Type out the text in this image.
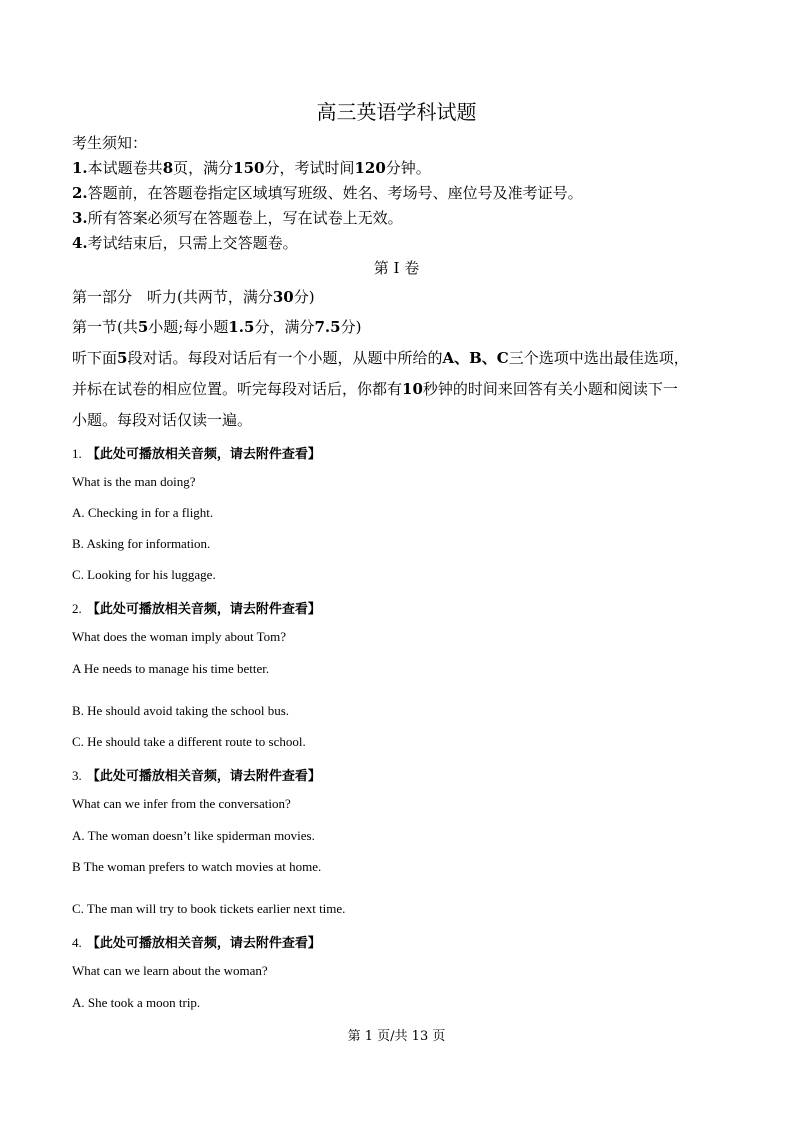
高三英语学科试题
考生须知：
1.本试题卷共8页，满分150分，考试时间120分钟。
2.答题前，在答题卷指定区域填写班级、姓名、考场号、座位号及准考证号。
3.所有答案必须写在答题卷上，写在试卷上无效。
4.考试结束后，只需上交答题卷。
第 I 卷
第一部分　听力(共两节，满分30分)
第一节(共5小题;每小题1.5分，满分7.5分)
听下面5段对话。每段对话后有一个小题，从题中所给的A、B、C三个选项中选出最佳选项，
并标在试卷的相应位置。听完每段对话后，你都有10秒钟的时间来回答有关小题和阅读下一
小题。每段对话仅读一遍。
1. 【此处可播放相关音频，请去附件查看】
What is the man doing?
A. Checking in for a flight.
B. Asking for information.
C. Looking for his luggage.
2. 【此处可播放相关音频，请去附件查看】
What does the woman imply about Tom?
A He needs to manage his time better.
B. He should avoid taking the school bus.
C. He should take a different route to school.
3. 【此处可播放相关音频，请去附件查看】
What can we infer from the conversation?
A. The woman doesn’t like spiderman movies.
B The woman prefers to watch movies at home.
C. The man will try to book tickets earlier next time.
4. 【此处可播放相关音频，请去附件查看】
What can we learn about the woman?
A. She took a moon trip.
第 1 页/共 13 页
